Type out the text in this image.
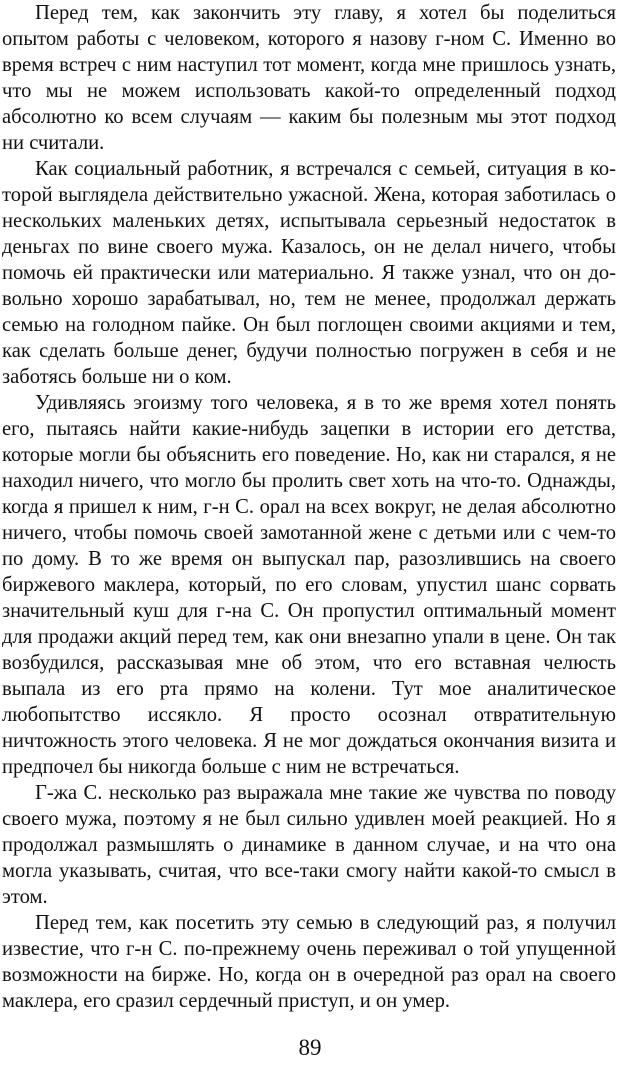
Перед тем, как закончить эту главу, я хотел бы поделиться опытом работы с человеком, которого я назову г-ном С. Именно во время встреч с ним наступил тот момент, когда мне пришлось узнать, что мы не можем использовать какой-то определенный подход абсолютно ко всем случаям — каким бы полезным мы этот подход ни считали.

Как социальный работник, я встречался с семьей, ситуация в которой выглядела действительно ужасной. Жена, которая заботилась о нескольких маленьких детях, испытывала серьезный недостаток в деньгах по вине своего мужа. Казалось, он не делал ничего, чтобы помочь ей практически или материально. Я также узнал, что он довольно хорошо зарабатывал, но, тем не менее, продолжал держать семью на голодном пайке. Он был поглощен своими акциями и тем, как сделать больше денег, будучи полностью погружен в себя и не заботясь больше ни о ком.

Удивляясь эгоизму того человека, я в то же время хотел понять его, пытаясь найти какие-нибудь зацепки в истории его детства, которые могли бы объяснить его поведение. Но, как ни старался, я не находил ничего, что могло бы пролить свет хоть на что-то. Однажды, когда я пришел к ним, г-н С. орал на всех вокруг, не делая абсолютно ничего, чтобы помочь своей замотанной жене с детьми или с чем-то по дому. В то же время он выпускал пар, разозлившись на своего биржевого маклера, который, по его словам, упустил шанс сорвать значительный куш для г-на С. Он пропустил оптимальный момент для продажи акций перед тем, как они внезапно упали в цене. Он так возбудился, рассказывая мне об этом, что его вставная челюсть выпала из его рта прямо на колени. Тут мое аналитическое любопытство иссякло. Я просто осознал отвратительную ничтожность этого человека. Я не мог дождаться окончания визита и предпочел бы никогда больше с ним не встречаться.

Г-жа С. несколько раз выражала мне такие же чувства по поводу своего мужа, поэтому я не был сильно удивлен моей реакцией. Но я продолжал размышлять о динамике в данном случае, и на что она могла указывать, считая, что все-таки смогу найти какой-то смысл в этом.

Перед тем, как посетить эту семью в следующий раз, я получил известие, что г-н С. по-прежнему очень переживал о той упущенной возможности на бирже. Но, когда он в очередной раз орал на своего маклера, его сразил сердечный приступ, и он умер.

89
